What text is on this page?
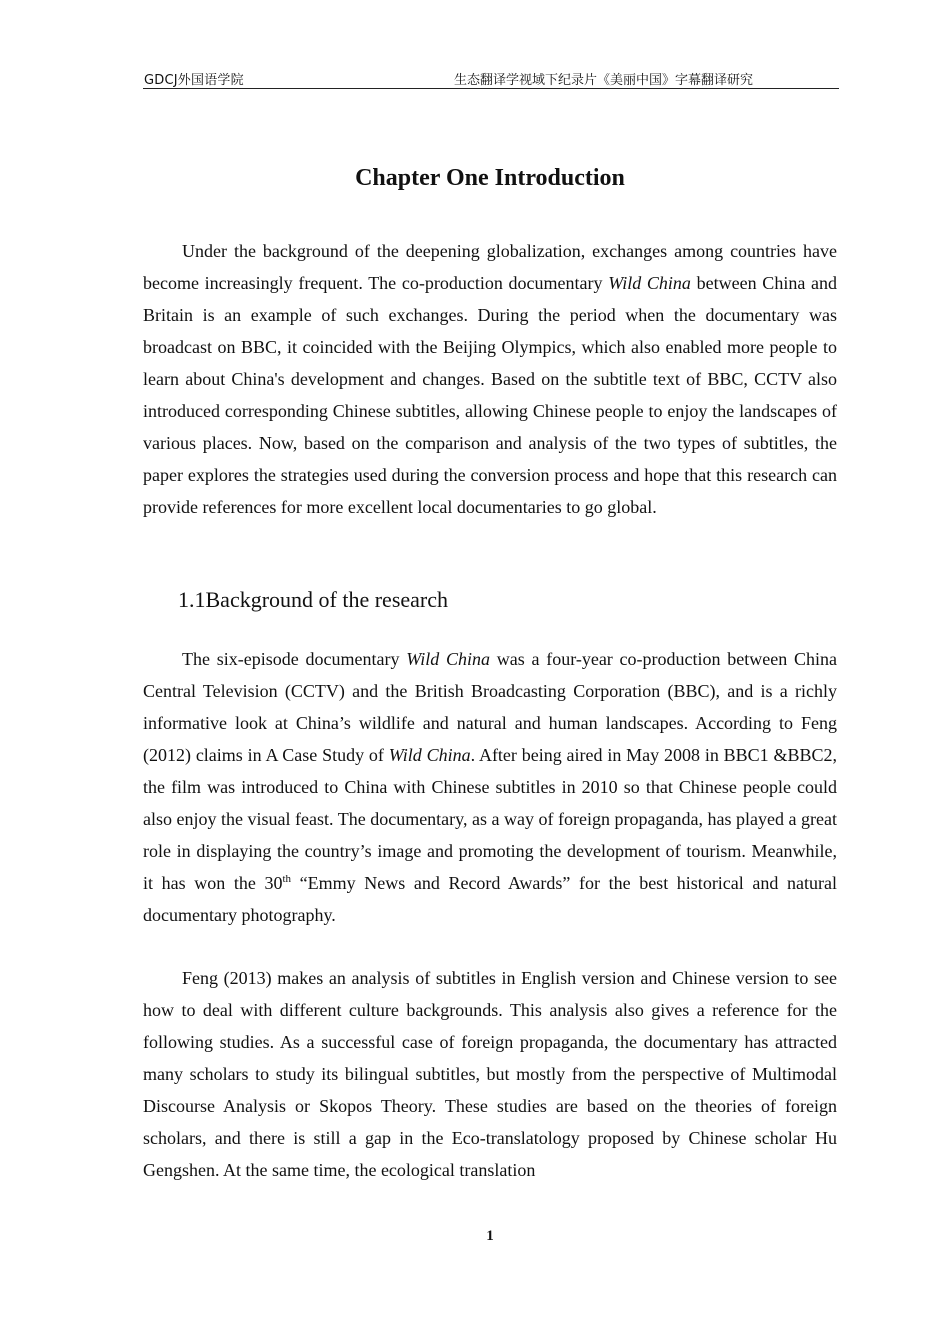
GDCJ外国语学院	生态翻译学视域下纪录片《美丽中国》字幕翻译研究
Chapter One Introduction

Under the background of the deepening globalization, exchanges among countries have become increasingly frequent. The co-production documentary Wild China between China and Britain is an example of such exchanges. During the period when the documentary was broadcast on BBC, it coincided with the Beijing Olympics, which also enabled more people to learn about China's development and changes. Based on the subtitle text of BBC, CCTV also introduced corresponding Chinese subtitles, allowing Chinese people to enjoy the landscapes of various places. Now, based on the comparison and analysis of the two types of subtitles, the paper explores the strategies used during the conversion process and hope that this research can provide references for more excellent local documentaries to go global.

1.1Background of the research

The six-episode documentary Wild China was a four-year co-production between China Central Television (CCTV) and the British Broadcasting Corporation (BBC), and is a richly informative look at China’s wildlife and natural and human landscapes. According to Feng (2012) claims in A Case Study of Wild China. After being aired in May 2008 in BBC1 &BBC2, the film was introduced to China with Chinese subtitles in 2010 so that Chinese people could also enjoy the visual feast. The documentary, as a way of foreign propaganda, has played a great role in displaying the country’s image and promoting the development of tourism. Meanwhile, it has won the 30th “Emmy News and Record Awards” for the best historical and natural documentary photography.

Feng (2013) makes an analysis of subtitles in English version and Chinese version to see how to deal with different culture backgrounds. This analysis also gives a reference for the following studies. As a successful case of foreign propaganda, the documentary has attracted many scholars to study its bilingual subtitles, but mostly from the perspective of Multimodal Discourse Analysis or Skopos Theory. These studies are based on the theories of foreign scholars, and there is still a gap in the Eco-translatology proposed by Chinese scholar Hu Gengshen. At the same time, the ecological translation

1
